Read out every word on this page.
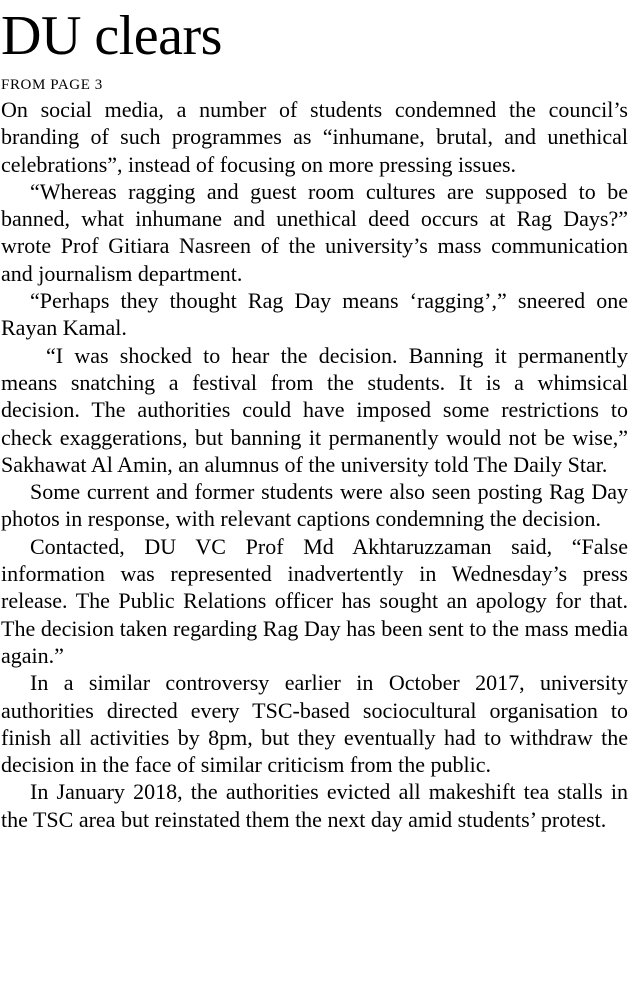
DU clears
FROM PAGE 3

On social media, a number of students condemned the council’s branding of such programmes as “inhumane, brutal, and unethical celebrations”, instead of focusing on more pressing issues.

“Whereas ragging and guest room cultures are supposed to be banned, what inhumane and unethical deed occurs at Rag Days?” wrote Prof Gitiara Nasreen of the university’s mass communication and journalism department.

“Perhaps they thought Rag Day means ‘ragging’,” sneered one Rayan Kamal.

“I was shocked to hear the decision. Banning it permanently means snatching a festival from the students. It is a whimsical decision. The authorities could have imposed some restrictions to check exaggerations, but banning it permanently would not be wise,” Sakhawat Al Amin, an alumnus of the university told The Daily Star.

Some current and former students were also seen posting Rag Day photos in response, with relevant captions condemning the decision.

Contacted, DU VC Prof Md Akhtaruzzaman said, “False information was represented inadvertently in Wednesday’s press release. The Public Relations officer has sought an apology for that. The decision taken regarding Rag Day has been sent to the mass media again.”

In a similar controversy earlier in October 2017, university authorities directed every TSC-based sociocultural organisation to finish all activities by 8pm, but they eventually had to withdraw the decision in the face of similar criticism from the public.

In January 2018, the authorities evicted all makeshift tea stalls in the TSC area but reinstated them the next day amid students’ protest.
